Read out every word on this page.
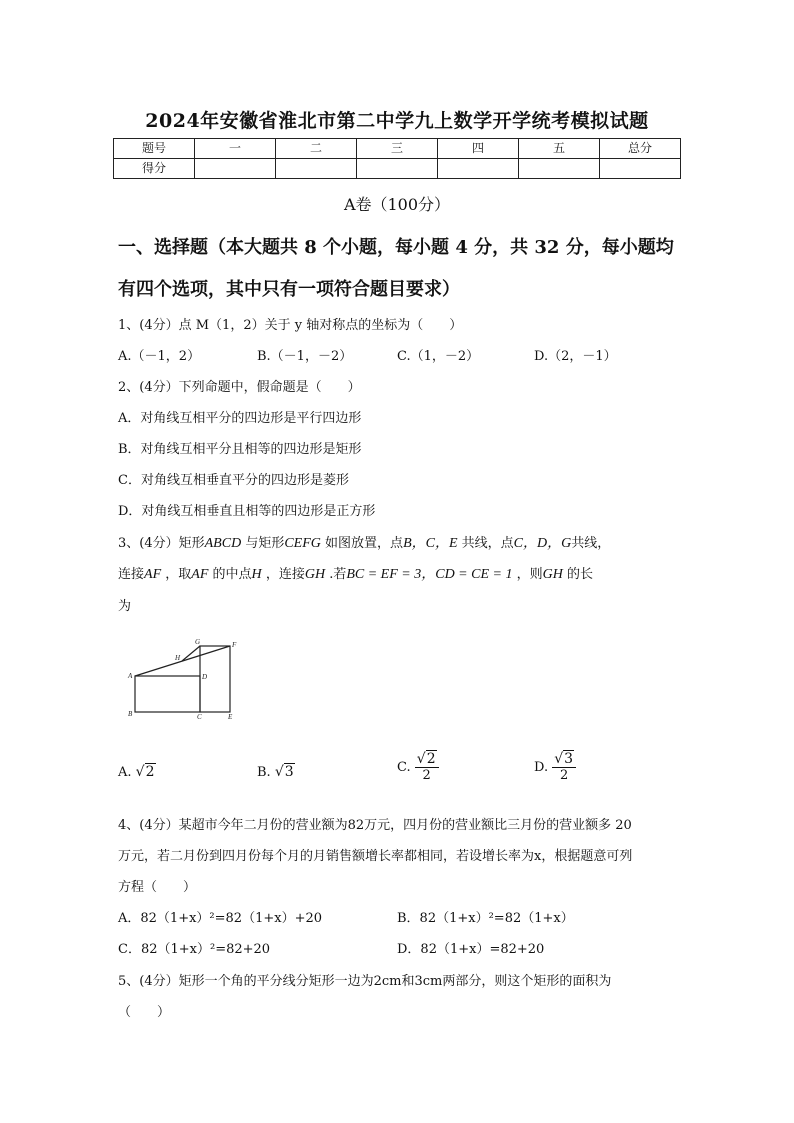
2024年安徽省淮北市第二中学九上数学开学统考模拟试题
题号	一	二	三	四	五	总分
得分						
A卷（100分）
一、选择题（本大题共 8 个小题，每小题 4 分，共 32 分，每小题均
有四个选项，其中只有一项符合题目要求）
1、(4分）点 M（1，2）关于 y 轴对称点的坐标为（　　）
A.（－1，2）	B.（－1，－2）	C.（1，－2）	D.（2，－1）
2、(4分）下列命题中，假命题是（　　）
A．对角线互相平分的四边形是平行四边形
B．对角线互相平分且相等的四边形是矩形
C．对角线互相垂直平分的四边形是菱形
D．对角线互相垂直且相等的四边形是正方形
3、(4分）矩形ABCD 与矩形CEFG 如图放置，点B，C，E 共线，点C，D，G共线，
连接AF ，取AF 的中点H ，连接GH .若BC = EF = 3，CD = CE = 1 ，则GH 的长
为
G	F
H
A	D
B	C	E
A. √2	B. √3	C. $\frac{√2}{2}$	D. $\frac{√3}{2}$
4、(4分）某超市今年二月份的营业额为82万元，四月份的营业额比三月份的营业额多 20
万元，若二月份到四月份每个月的月销售额增长率都相同，若设增长率为x，根据题意可列
方程（　　）
A．82（1+x）²=82（1+x）+20	B．82（1+x）²=82（1+x）
C．82（1+x）²=82+20	D．82（1+x）=82+20
5、(4分）矩形一个角的平分线分矩形一边为2cm和3cm两部分，则这个矩形的面积为
（　　）
